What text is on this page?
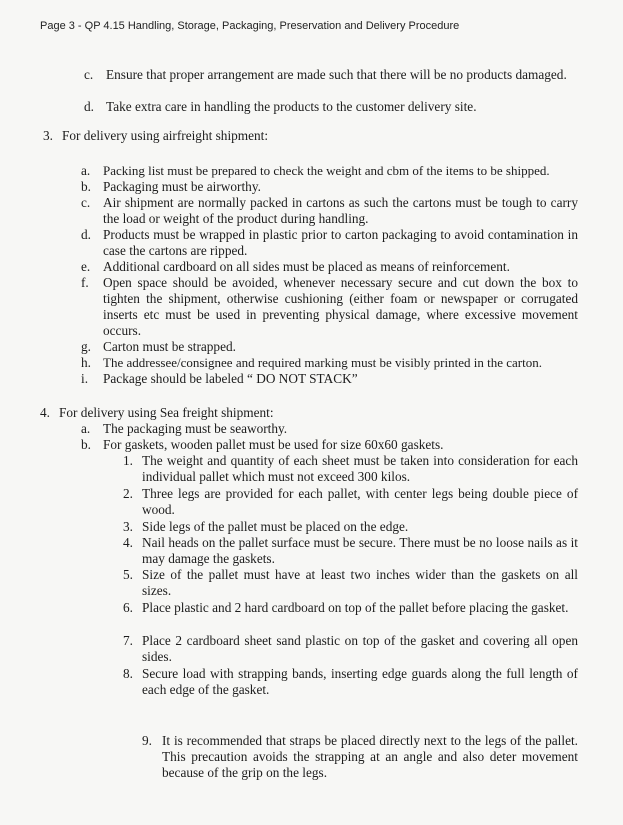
Page 3 - QP 4.15 Handling, Storage, Packaging, Preservation and Delivery Procedure
c. Ensure that proper arrangement are made such that there will be no products damaged.
d. Take extra care in handling the products to the customer delivery site.
3. For delivery using airfreight shipment:
a. Packing list must be prepared to check the weight and cbm of the items to be shipped.
b. Packaging must be airworthy.
c. Air shipment are normally packed in cartons as such the cartons must be tough to carry the load or weight of the product during handling.
d. Products must be wrapped in plastic prior to carton packaging to avoid contamination in case the cartons are ripped.
e. Additional cardboard on all sides must be placed as means of reinforcement.
f.	Open space should be avoided, whenever necessary secure and cut down the box to tighten the shipment, otherwise cushioning (either foam or newspaper or corrugated inserts etc must be used in preventing physical damage, where excessive movement occurs.
g. Carton must be strapped.
h. The addressee/consignee and required marking must be visibly printed in the carton.
i.	Package should be labeled “ DO NOT STACK”
4. For delivery using Sea freight shipment:
a. The packaging must be seaworthy.
b. For gaskets, wooden pallet must be used for size 60x60 gaskets.
1. The weight and quantity of each sheet must be taken into consideration for each individual pallet which must not exceed 300 kilos.
2. Three legs are provided for each pallet, with center legs being double piece of wood.
3. Side legs of the pallet must be placed on the edge.
4. Nail heads on the pallet surface must be secure. There must be no loose nails as it may damage the gaskets.
5. Size of the pallet must have at least two inches wider than the gaskets on all sizes.
6. Place plastic and 2 hard cardboard on top of the pallet before placing the gasket.
7. Place 2 cardboard sheet sand plastic on top of the gasket and covering all open sides.
8. Secure load with strapping bands, inserting edge guards along the full length of each edge of the gasket.
9. It is recommended that straps be placed directly next to the legs of the pallet. This precaution avoids the strapping at an angle and also deter movement because of the grip on the legs.
